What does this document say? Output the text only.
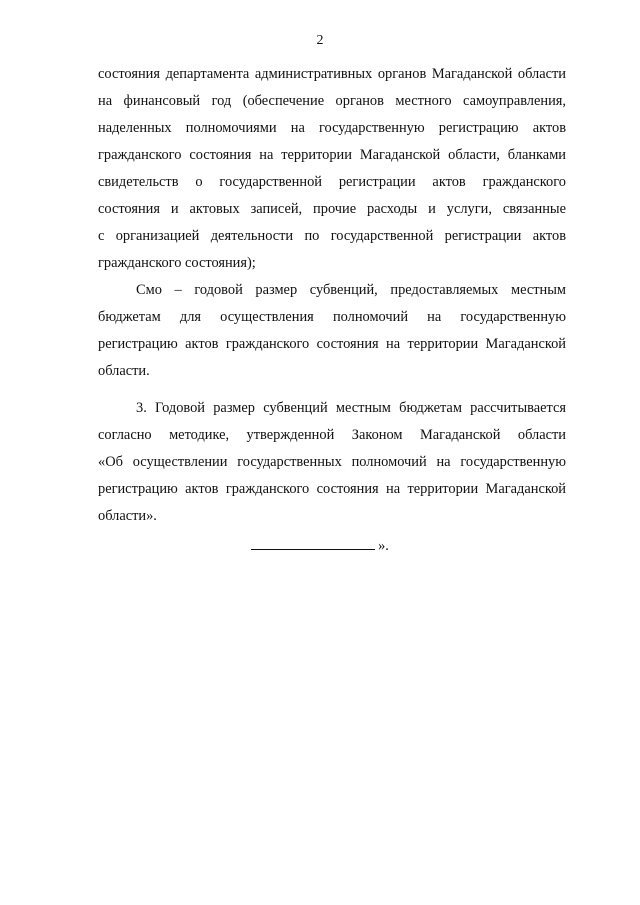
2
состояния департамента административных органов Магаданской области
на финансовый год (обеспечение органов местного самоуправления,
наделенных полномочиями на государственную регистрацию актов
гражданского состояния на территории Магаданской области, бланками
свидетельств о государственной регистрации актов гражданского
состояния и актовых записей, прочие расходы и услуги, связанные
с организацией деятельности по государственной регистрации актов
гражданского состояния);
Смо – годовой размер субвенций, предоставляемых местным
бюджетам для осуществления полномочий на государственную
регистрацию актов гражданского состояния на территории Магаданской
области.
3. Годовой размер субвенций местным бюджетам рассчитывается
согласно методике, утвержденной Законом Магаданской области
«Об осуществлении государственных полномочий на государственную
регистрацию актов гражданского состояния на территории Магаданской
области».
».
